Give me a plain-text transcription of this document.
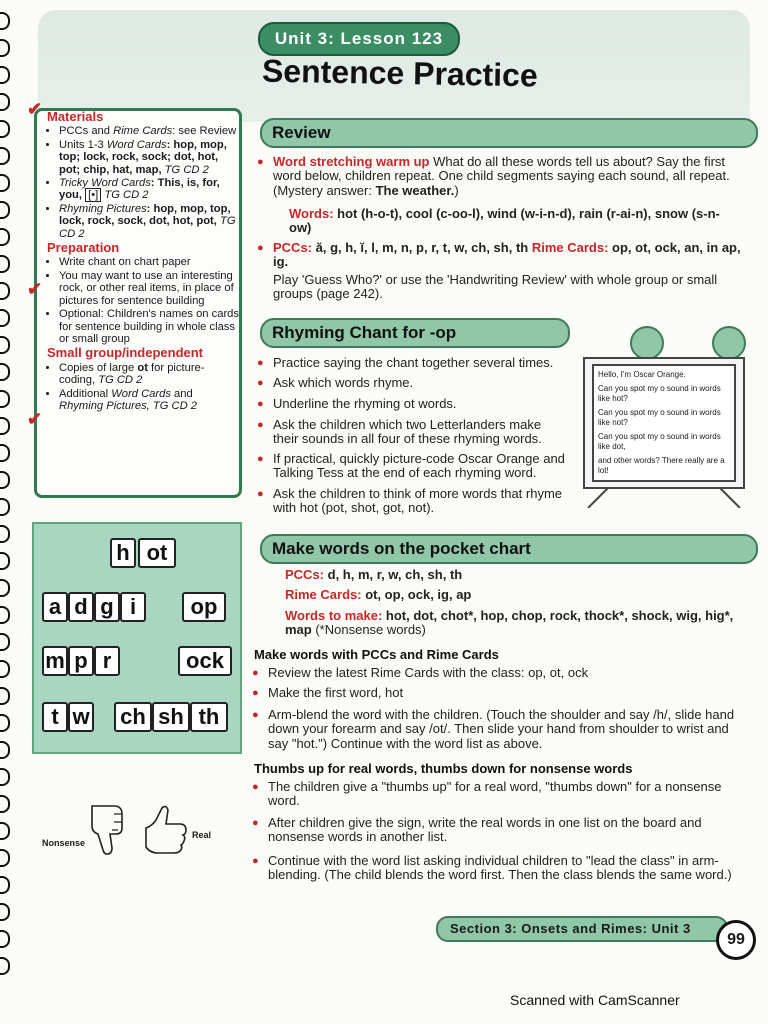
Unit 3: Lesson 123
Sentence Practice
✔ Materials
• PCCs and Rime Cards: see Review
• Units 1-3 Word Cards: hop, mop, top; lock, rock, sock; dot, hot, pot; chip, hat, map, TG CD 2
• Tricky Word Cards: This, is, for, you, [•] TG CD 2
• Rhyming Pictures: hop, mop, top, lock, rock, sock, dot, hot, pot, TG CD 2
✔
Preparation
• Write chant on chart paper
• You may want to use an interesting rock, or other real items, in place of pictures for sentence building
• Optional: Children's names on cards for sentence building in whole class or small group
✔
Small group/independent
• Copies of large ot for picture-coding, TG CD 2
• Additional Word Cards and Rhyming Pictures, TG CD 2
h ot
a d g i	op
m p r	ock
t w ch sh th
Nonsense
Real
Review
● Word stretching warm up What do all these words tell us about? Say the first word below, children repeat. One child segments saying each sound, all repeat. (Mystery answer: The weather.)
Words: hot (h-o-t), cool (c-oo-l), wind (w-i-n-d), rain (r-ai-n), snow (s-n-ow)
● PCCs: ă, g, h, ĭ, l, m, n, p, r, t, w, ch, sh, th Rime Cards: op, ot, ock, an, in ap, ig.
Play 'Guess Who?' or use the 'Handwriting Review' with whole group or small groups (page 242).
Rhyming Chant for -op
● Practice saying the chant together several times.
● Ask which words rhyme.
● Underline the rhyming ot words.
● Ask the children which two Letterlanders make their sounds in all four of these rhyming words.
● If practical, quickly picture-code Oscar Orange and Talking Tess at the end of each rhyming word.
● Ask the children to think of more words that rhyme with hot (pot, shot, got, not).
Hello, I'm Oscar Orange.
Can you spot my o sound in words like hot?
Can you spot my o sound in words like not?
Can you spot my o sound in words like dot,
and other words? There really are a lot!
Make words on the pocket chart
PCCs: d, h, m, r, w, ch, sh, th
Rime Cards: ot, op, ock, ig, ap
Words to make: hot, dot, chot*, hop, chop, rock, thock*, shock, wig, hig*, map (*Nonsense words)
Make words with PCCs and Rime Cards
● Review the latest Rime Cards with the class: op, ot, ock
● Make the first word, hot
● Arm-blend the word with the children. (Touch the shoulder and say /h/, slide hand down your forearm and say /ot/. Then slide your hand from shoulder to wrist and say "hot.") Continue with the word list as above.
Thumbs up for real words, thumbs down for nonsense words
● The children give a "thumbs up" for a real word, "thumbs down" for a nonsense word.
● After children give the sign, write the real words in one list on the board and nonsense words in another list.
● Continue with the word list asking individual children to "lead the class" in arm-blending. (The child blends the word first. Then the class blends the same word.)
Section 3: Onsets and Rimes: Unit 3
99
Scanned with CamScanner
